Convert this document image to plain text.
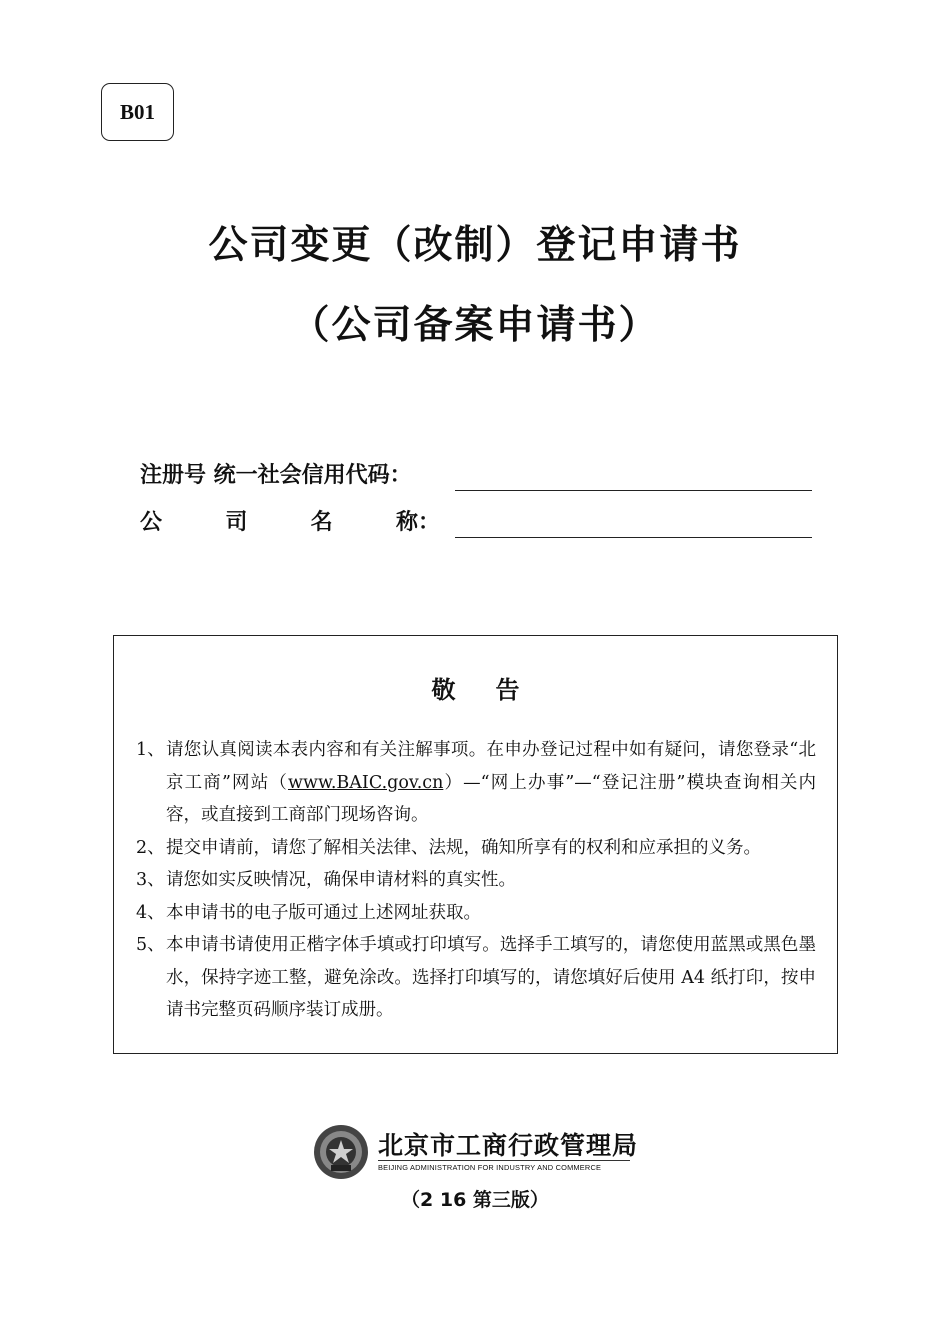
B01
公司变更（改制）登记申请书
（公司备案申请书）
注册号 统一社会信用代码：
公	司	名	称：
敬告
1、 请您认真阅读本表内容和有关注解事项。在申办登记过程中如有疑问，请您登录“北京工商”网站（www.BAIC.gov.cn）—“网上办事”—“登记注册”模块查询相关内容，或直接到工商部门现场咨询。
2、 提交申请前，请您了解相关法律、法规，确知所享有的权利和应承担的义务。
3、 请您如实反映情况，确保申请材料的真实性。
4、 本申请书的电子版可通过上述网址获取。
5、 本申请书请使用正楷字体手填或打印填写。选择手工填写的，请您使用蓝黑或黑色墨水，保持字迹工整，避免涂改。选择打印填写的，请您填好后使用 A4 纸打印，按申请书完整页码顺序装订成册。
北京市工商行政管理局
BEIJING ADMINISTRATION FOR INDUSTRY AND COMMERCE
（2 16 第三版）
